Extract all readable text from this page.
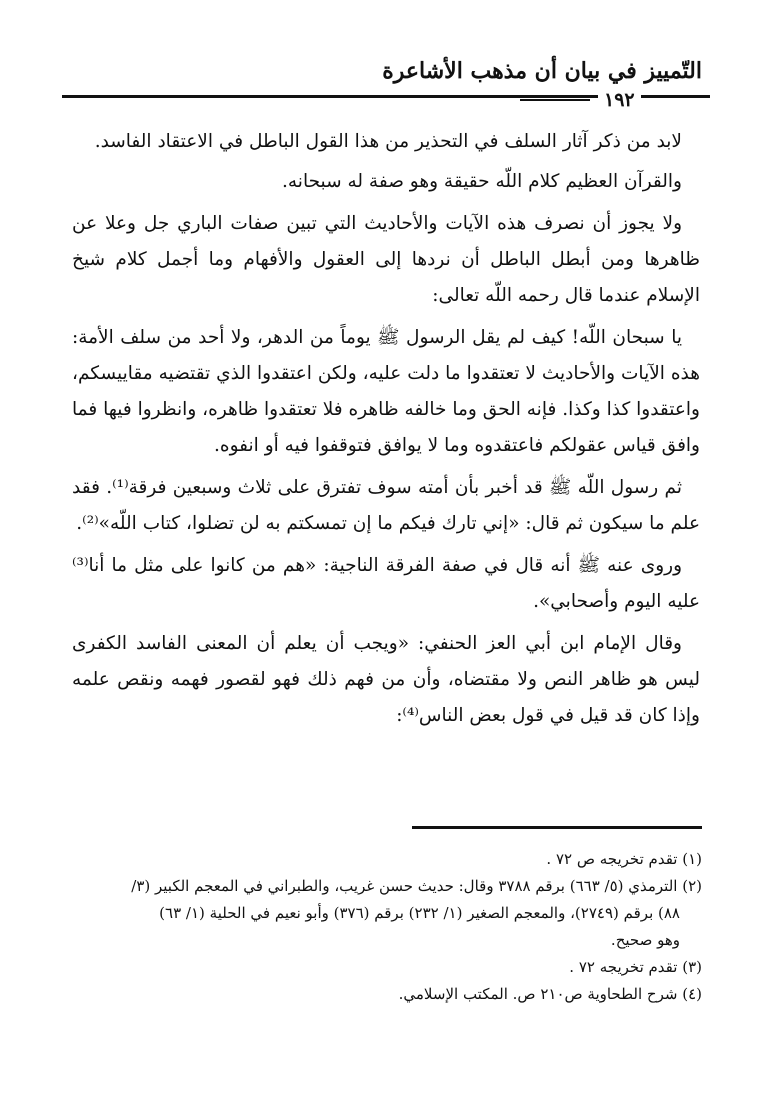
التّمييز في بيان أن مذهب الأشاعرة
١٩٢

لابد من ذكر آثار السلف في التحذير من هذا القول الباطل في الاعتقاد الفاسد.

والقرآن العظيم كلام اللّه حقيقة وهو صفة له سبحانه.

ولا يجوز أن نصرف هذه الآيات والأحاديث التي تبين صفات الباري جل وعلا عن ظاهرها ومن أبطل الباطل أن نردها إلى العقول والأفهام وما أجمل كلام شيخ الإسلام عندما قال رحمه اللّه تعالى:

يا سبحان اللّه! كيف لم يقل الرسول ﷺ يوماً من الدهر، ولا أحد من سلف الأمة: هذه الآيات والأحاديث لا تعتقدوا ما دلت عليه، ولكن اعتقدوا الذي تقتضيه مقاييسكم، واعتقدوا كذا وكذا. فإنه الحق وما خالفه ظاهره فلا تعتقدوا ظاهره، وانظروا فيها فما وافق قياس عقولكم فاعتقدوه وما لا يوافق فتوقفوا فيه أو انفوه.

ثم رسول اللّه ﷺ قد أخبر بأن أمته سوف تفترق على ثلاث وسبعين فرقة⁽¹⁾. فقد علم ما سيكون ثم قال: «إني تارك فيكم ما إن تمسكتم به لن تضلوا، كتاب اللّه»⁽²⁾.

وروى عنه ﷺ أنه قال في صفة الفرقة الناجية: «هم من كانوا على مثل ما أنا⁽³⁾ عليه اليوم وأصحابي».

وقال الإمام ابن أبي العز الحنفي: «ويجب أن يعلم أن المعنى الفاسد الكفرى ليس هو ظاهر النص ولا مقتضاه، وأن من فهم ذلك فهو لقصور فهمه ونقص علمه وإذا كان قد قيل في قول بعض الناس⁽⁴⁾:

(١) تقدم تخريجه ص ٧٢ .

(٢) الترمذي (٥/ ٦٦٣) برقم ٣٧٨٨ وقال: حديث حسن غريب، والطبراني في المعجم الكبير (٣/

٨٨) برقم (٢٧٤٩)، والمعجم الصغير (١/ ٢٣٢) برقم (٣٧٦) وأبو نعيم في الحلية (١/ ٦٣)

وهو صحيح.

(٣) تقدم تخريجه ٧٢ .

(٤) شرح الطحاوية ص٢١٠ ص. المكتب الإسلامي.
